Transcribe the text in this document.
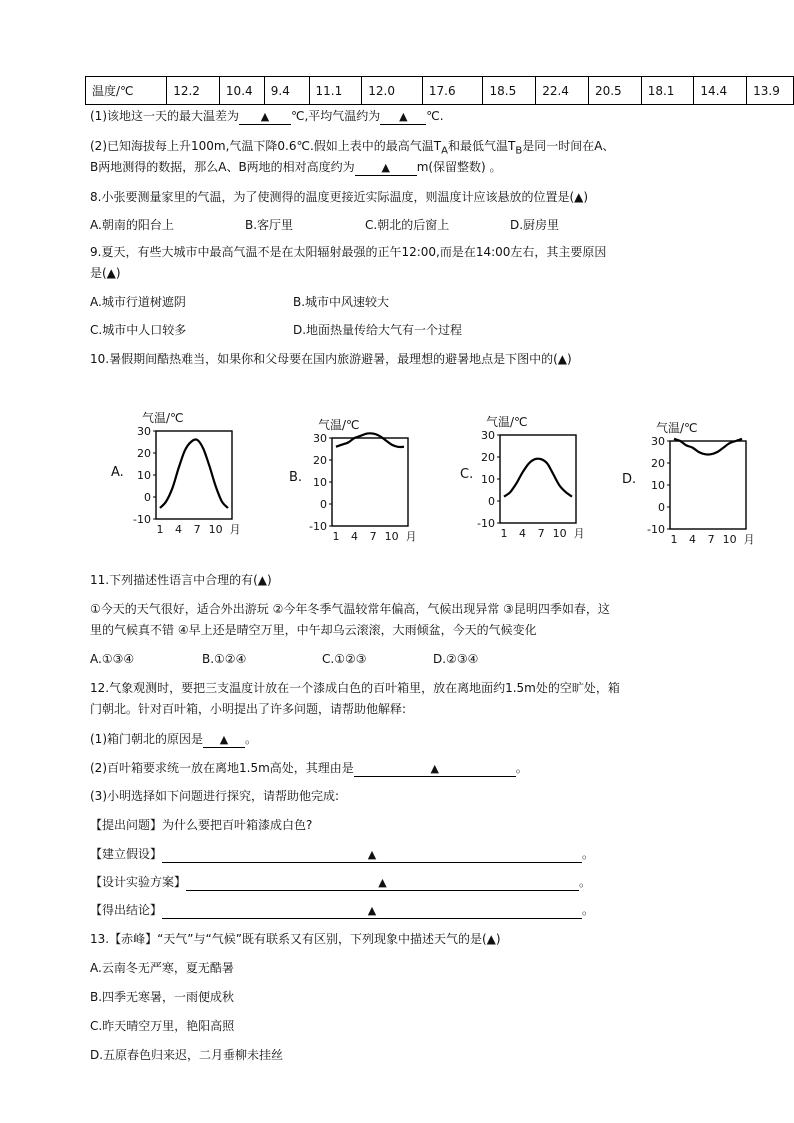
温度/℃	12.2	10.4	9.4	11.1	12.0	17.6	18.5	22.4	20.5	18.1	14.4	13.9
(1)该地这一天的最大温差为 ▲ ℃,平均气温约为 ▲ ℃.
(2)已知海拔每上升100m,气温下降0.6℃.假如上表中的最高气温$T_A$和最低气温$T_B$是同一时间在A、
B两地测得的数据，那么A、B两地的相对高度约为 ▲ m(保留整数) 。
8.小张要测量家里的气温，为了使测得的温度更接近实际温度，则温度计应该悬放的位置是(▲)
A.朝南的阳台上	B.客厅里	C.朝北的后窗上	D.厨房里
9.夏天，有些大城市中最高气温不是在太阳辐射最强的正午12:00,而是在14:00左右，其主要原因
是(▲)
A.城市行道树遮阴	B.城市中风速较大
C.城市中人口较多	D.地面热量传给大气有一个过程
10.暑假期间酷热难当，如果你和父母要在国内旅游避暑，最理想的避暑地点是下图中的(▲)
A.	B.	C.	D.
气温/℃
30
20
10
0
-10
1 4 7 10 月
气温/℃
30
20
10
0
-10
1 4 7 10 月
气温/℃
30
20
10
0
-10
1 4 7 10 月
气温/℃
30
20
10
0
-10
1 4 7 10 月
11.下列描述性语言中合理的有(▲)
①今天的天气很好，适合外出游玩 ②今年冬季气温较常年偏高，气候出现异常 ③昆明四季如春，这
里的气候真不错 ④早上还是晴空万里，中午却乌云滚滚，大雨倾盆，今天的气候变化
A.①③④	B.①②④	C.①②③	D.②③④
12.气象观测时，要把三支温度计放在一个漆成白色的百叶箱里，放在离地面约1.5m处的空旷处，箱
门朝北。针对百叶箱，小明提出了许多问题，请帮助他解释:
(1)箱门朝北的原因是 ▲ 。
(2)百叶箱要求统一放在离地1.5m高处，其理由是	▲	。
(3)小明选择如下问题进行探究，请帮助他完成:
【提出问题】为什么要把百叶箱漆成白色?
【建立假设】	▲	。
【设计实验方案】	▲	。
【得出结论】	▲	。
13.【赤峰】“天气”与“气候”既有联系又有区别，下列现象中描述天气的是(▲)
A.云南冬无严寒，夏无酷暑
B.四季无寒暑，一雨便成秋
C.昨天晴空万里，艳阳高照
D.五原春色归来迟，二月垂柳未挂丝
